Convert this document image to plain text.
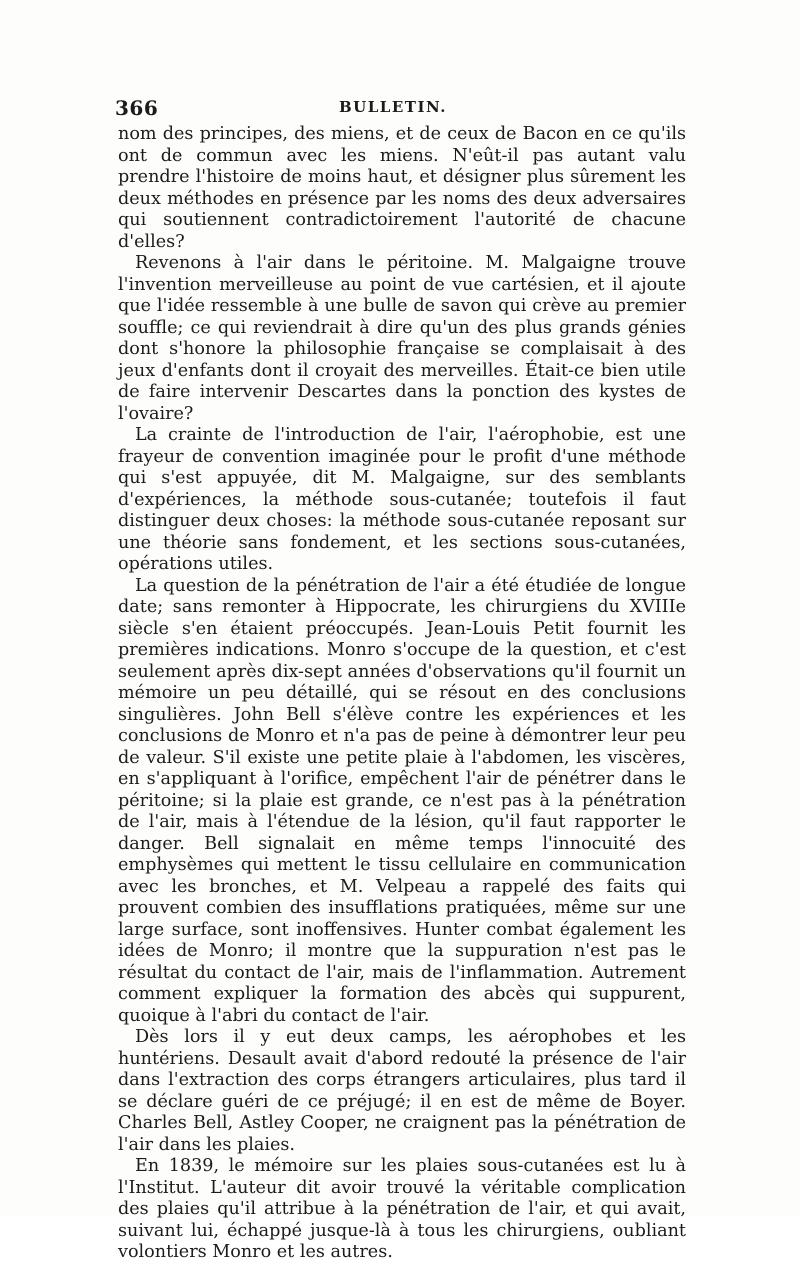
366	BULLETIN.

nom des principes, des miens, et de ceux de Bacon en ce qu'ils ont de commun avec les miens. N'eût-il pas autant valu prendre l'histoire de moins haut, et désigner plus sûrement les deux méthodes en présence par les noms des deux adversaires qui soutiennent contradictoirement l'autorité de chacune d'elles?

Revenons à l'air dans le péritoine. M. Malgaigne trouve l'invention merveilleuse au point de vue cartésien, et il ajoute que l'idée ressemble à une bulle de savon qui crève au premier souffle; ce qui reviendrait à dire qu'un des plus grands génies dont s'honore la philosophie française se complaisait à des jeux d'enfants dont il croyait des merveilles. Était-ce bien utile de faire intervenir Descartes dans la ponction des kystes de l'ovaire?

La crainte de l'introduction de l'air, l'aérophobie, est une frayeur de convention imaginée pour le profit d'une méthode qui s'est appuyée, dit M. Malgaigne, sur des semblants d'expériences, la méthode sous-cutanée; toutefois il faut distinguer deux choses: la méthode sous-cutanée reposant sur une théorie sans fondement, et les sections sous-cutanées, opérations utiles.

La question de la pénétration de l'air a été étudiée de longue date; sans remonter à Hippocrate, les chirurgiens du XVIIIe siècle s'en étaient préoccupés. Jean-Louis Petit fournit les premières indications. Monro s'occupe de la question, et c'est seulement après dix-sept années d'observations qu'il fournit un mémoire un peu détaillé, qui se résout en des conclusions singulières. John Bell s'élève contre les expériences et les conclusions de Monro et n'a pas de peine à démontrer leur peu de valeur. S'il existe une petite plaie à l'abdomen, les viscères, en s'appliquant à l'orifice, empêchent l'air de pénétrer dans le péritoine; si la plaie est grande, ce n'est pas à la pénétration de l'air, mais à l'étendue de la lésion, qu'il faut rapporter le danger. Bell signalait en même temps l'innocuité des emphysèmes qui mettent le tissu cellulaire en communication avec les bronches, et M. Velpeau a rappelé des faits qui prouvent combien des insufflations pratiquées, même sur une large surface, sont inoffensives. Hunter combat également les idées de Monro; il montre que la suppuration n'est pas le résultat du contact de l'air, mais de l'inflammation. Autrement comment expliquer la formation des abcès qui suppurent, quoique à l'abri du contact de l'air.

Dès lors il y eut deux camps, les aérophobes et les huntériens. Desault avait d'abord redouté la présence de l'air dans l'extraction des corps étrangers articulaires, plus tard il se déclare guéri de ce préjugé; il en est de même de Boyer. Charles Bell, Astley Cooper, ne craignent pas la pénétration de l'air dans les plaies.

En 1839, le mémoire sur les plaies sous-cutanées est lu à l'Institut. L'auteur dit avoir trouvé la véritable complication des plaies qu'il attribue à la pénétration de l'air, et qui avait, suivant lui, échappé jusque-là à tous les chirurgiens, oubliant volontiers Monro et les autres.
